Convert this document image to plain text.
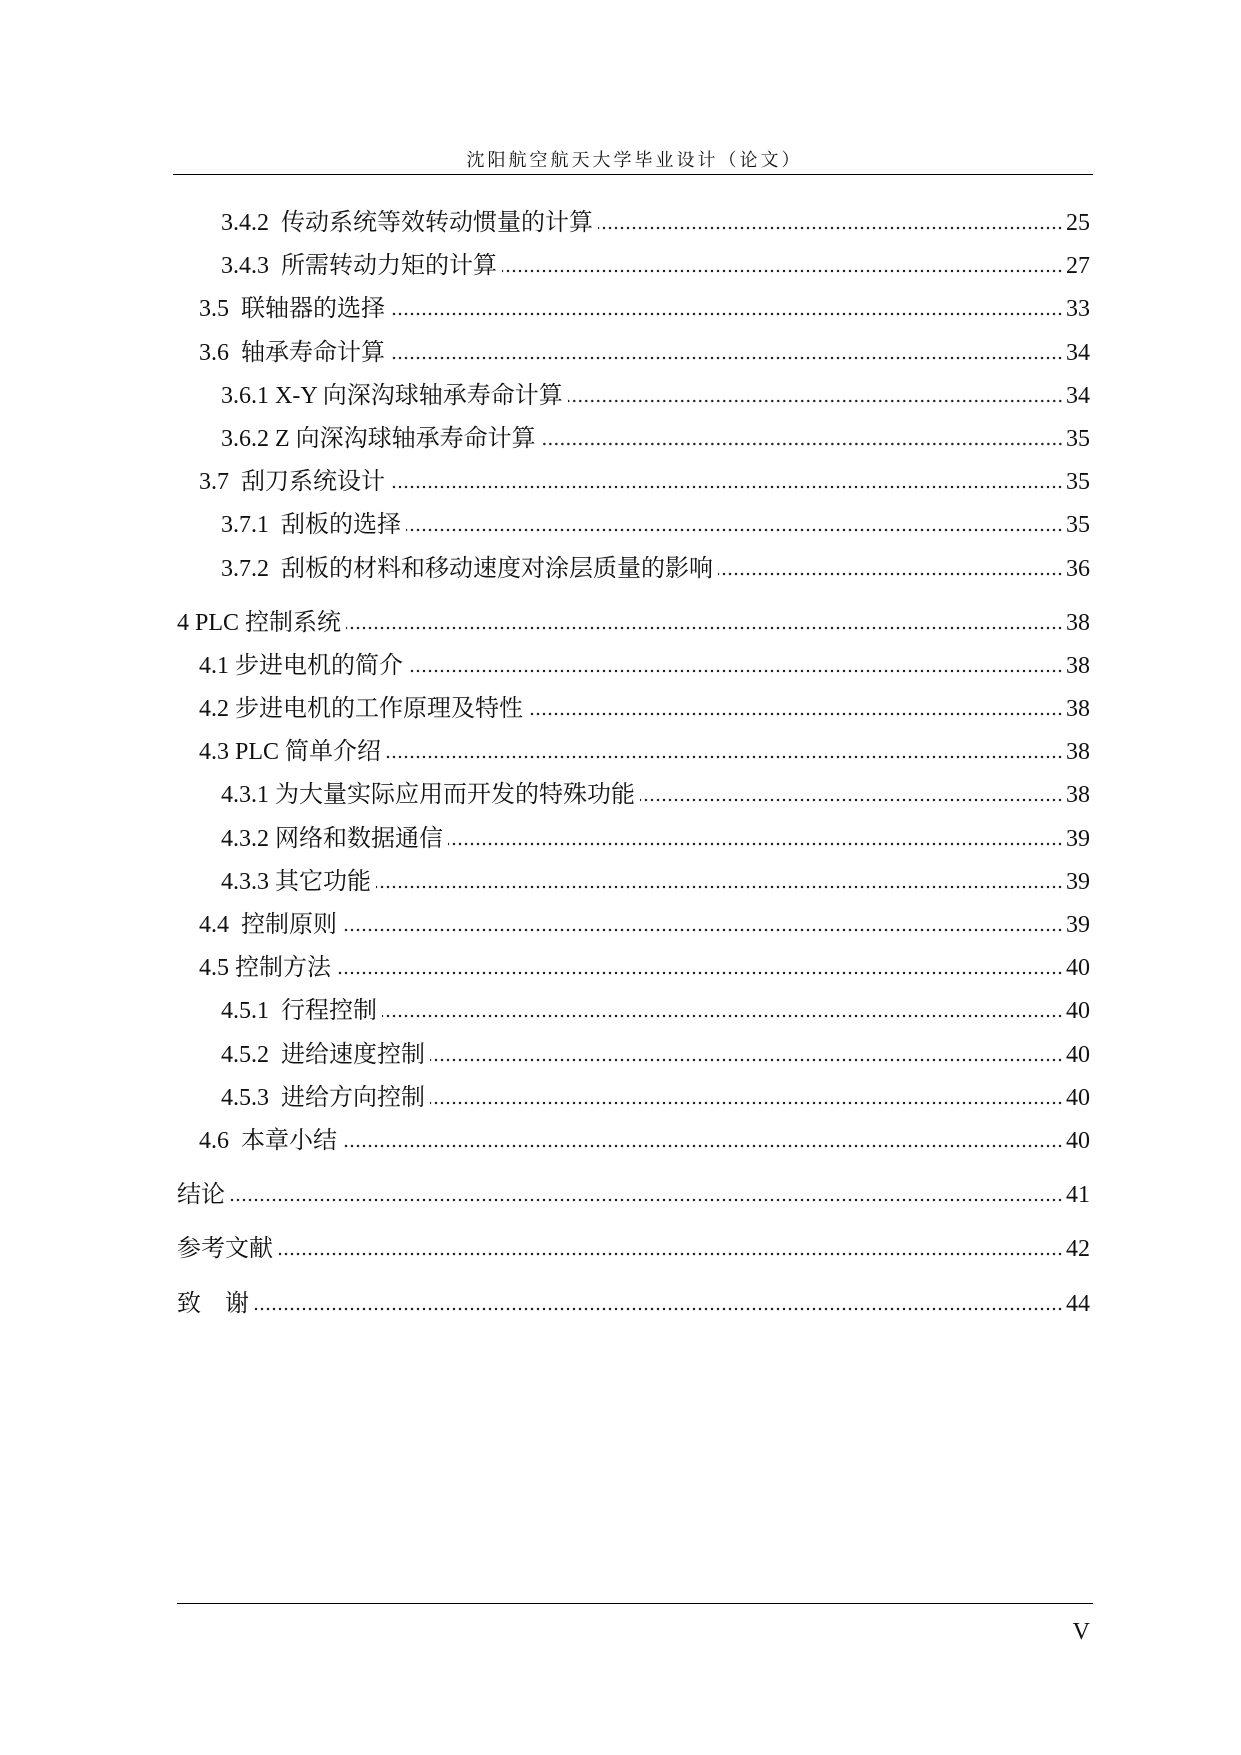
沈阳航空航天大学毕业设计（论文）
3.4.2  传动系统等效转动惯量的计算	25
3.4.3  所需转动力矩的计算	27
3.5  联轴器的选择	33
3.6  轴承寿命计算	34
3.6.1 X-Y 向深沟球轴承寿命计算	34
3.6.2 Z 向深沟球轴承寿命计算	35
3.7  刮刀系统设计	35
3.7.1  刮板的选择	35
3.7.2  刮板的材料和移动速度对涂层质量的影响	36
4 PLC 控制系统	38
4.1 步进电机的简介	38
4.2 步进电机的工作原理及特性	38
4.3 PLC 简单介绍	38
4.3.1 为大量实际应用而开发的特殊功能	38
4.3.2 网络和数据通信	39
4.3.3 其它功能	39
4.4  控制原则	39
4.5 控制方法	40
4.5.1  行程控制	40
4.5.2  进给速度控制	40
4.5.3  进给方向控制	40
4.6  本章小结	40
结论	41
参考文献	42
致　谢	44
V
